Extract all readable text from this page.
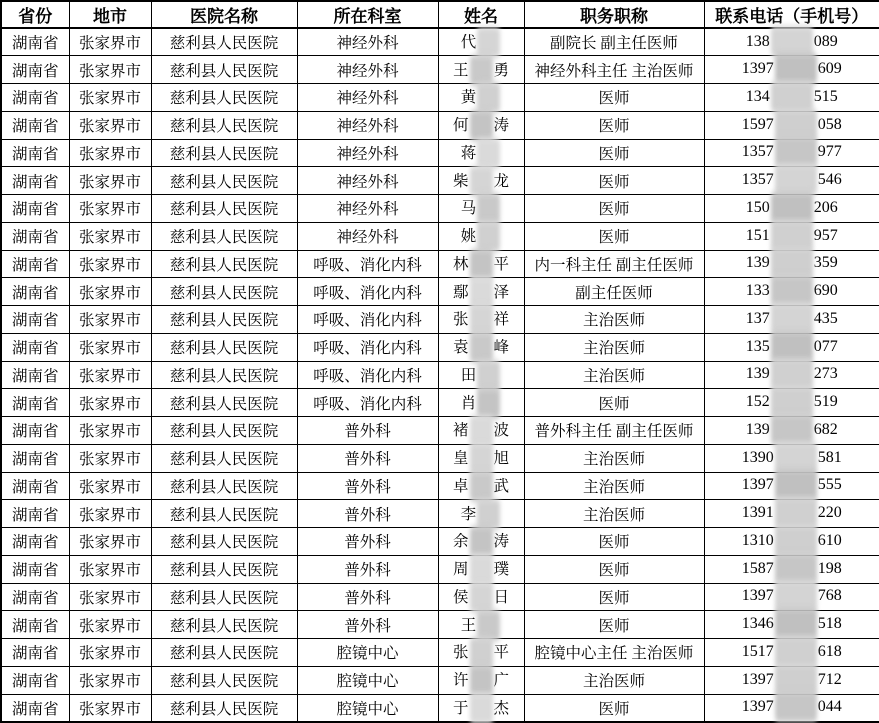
省份	地市	医院名称	所在科室	姓名	职务职称	联系电话（手机号）
湖南省	张家界市	慈利县人民医院	神经外科	代	副院长 副主任医师	138 089
湖南省	张家界市	慈利县人民医院	神经外科	王 勇	神经外科主任 主治医师	1397 609
湖南省	张家界市	慈利县人民医院	神经外科	黄	医师	134 515
湖南省	张家界市	慈利县人民医院	神经外科	何 涛	医师	1597 058
湖南省	张家界市	慈利县人民医院	神经外科	蒋	医师	1357 977
湖南省	张家界市	慈利县人民医院	神经外科	柴 龙	医师	1357 546
湖南省	张家界市	慈利县人民医院	神经外科	马	医师	150 206
湖南省	张家界市	慈利县人民医院	神经外科	姚	医师	151 957
湖南省	张家界市	慈利县人民医院	呼吸、消化内科	林 平	内一科主任 副主任医师	139 359
湖南省	张家界市	慈利县人民医院	呼吸、消化内科	鄢 泽	副主任医师	133 690
湖南省	张家界市	慈利县人民医院	呼吸、消化内科	张 祥	主治医师	137 435
湖南省	张家界市	慈利县人民医院	呼吸、消化内科	袁 峰	主治医师	135 077
湖南省	张家界市	慈利县人民医院	呼吸、消化内科	田	主治医师	139 273
湖南省	张家界市	慈利县人民医院	呼吸、消化内科	肖	医师	152 519
湖南省	张家界市	慈利县人民医院	普外科	褚 波	普外科主任 副主任医师	139 682
湖南省	张家界市	慈利县人民医院	普外科	皇 旭	主治医师	1390 581
湖南省	张家界市	慈利县人民医院	普外科	卓 武	主治医师	1397 555
湖南省	张家界市	慈利县人民医院	普外科	李	主治医师	1391 220
湖南省	张家界市	慈利县人民医院	普外科	余 涛	医师	1310 610
湖南省	张家界市	慈利县人民医院	普外科	周 璞	医师	1587 198
湖南省	张家界市	慈利县人民医院	普外科	侯 日	医师	1397 768
湖南省	张家界市	慈利县人民医院	普外科	王	医师	1346 518
湖南省	张家界市	慈利县人民医院	腔镜中心	张 平	腔镜中心主任 主治医师	1517 618
湖南省	张家界市	慈利县人民医院	腔镜中心	许 广	主治医师	1397 712
湖南省	张家界市	慈利县人民医院	腔镜中心	于 杰	医师	1397 044
